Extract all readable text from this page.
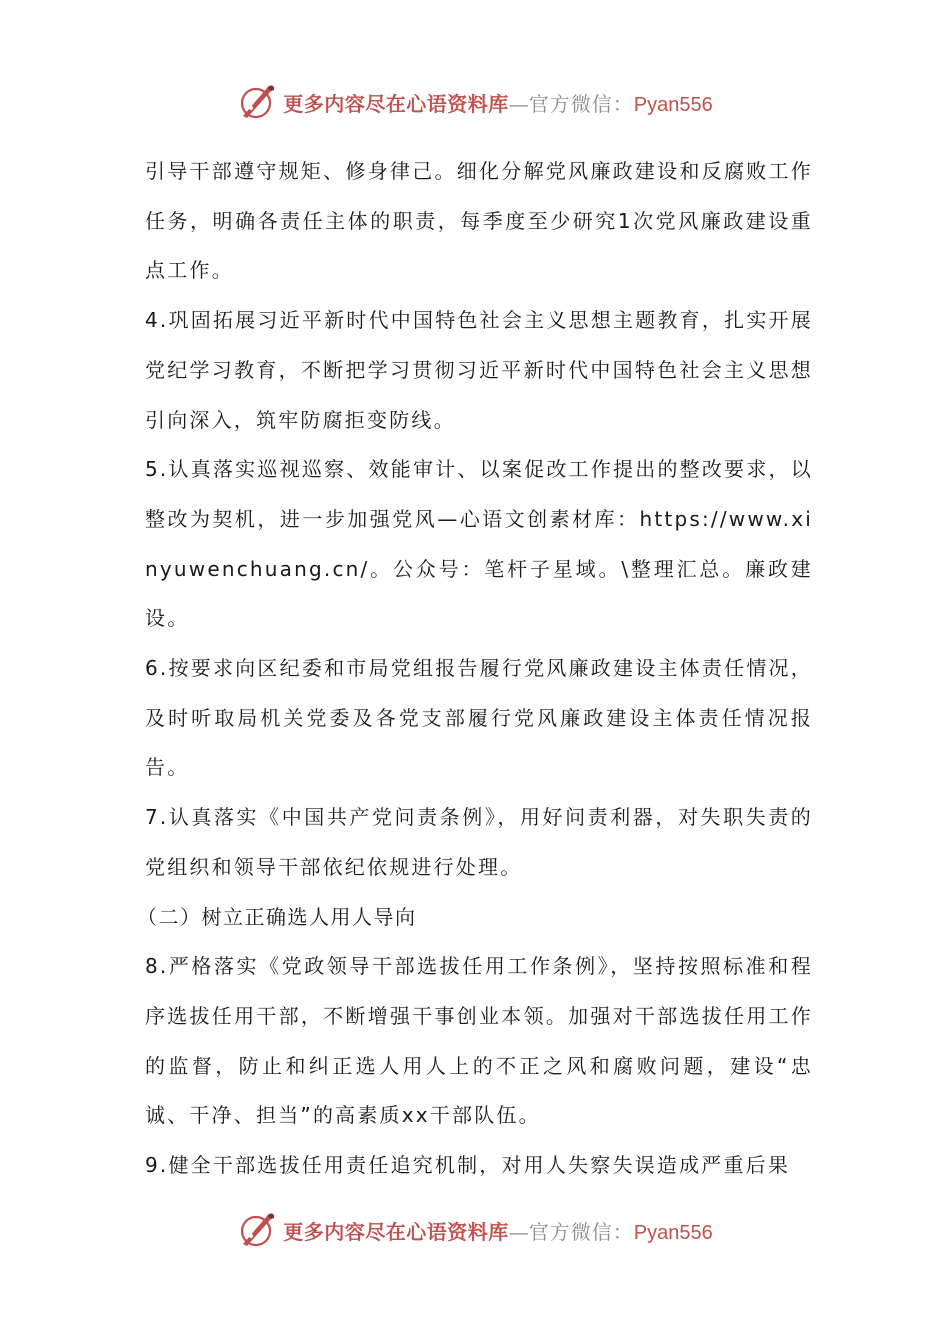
更多内容尽在心语资料库 — 官方微信： Pyan556

引导干部遵守规矩、修身律己。细化分解党风廉政建设和反腐败工作任务，明确各责任主体的职责，每季度至少研究1次党风廉政建设重点工作。

4.巩固拓展习近平新时代中国特色社会主义思想主题教育，扎实开展党纪学习教育，不断把学习贯彻习近平新时代中国特色社会主义思想引向深入，筑牢防腐拒变防线。

5.认真落实巡视巡察、效能审计、以案促改工作提出的整改要求，以整改为契机，进一步加强党风—心语文创素材库：https://www.xinyuwenchuang.cn/。公众号：笔杆子星域。\整理汇总。廉政建设。

6.按要求向区纪委和市局党组报告履行党风廉政建设主体责任情况，及时听取局机关党委及各党支部履行党风廉政建设主体责任情况报告。

7.认真落实《中国共产党问责条例》，用好问责利器，对失职失责的党组织和领导干部依纪依规进行处理。

（二）树立正确选人用人导向

8.严格落实《党政领导干部选拔任用工作条例》，坚持按照标准和程序选拔任用干部，不断增强干事创业本领。加强对干部选拔任用工作的监督，防止和纠正选人用人上的不正之风和腐败问题，建设“忠诚、干净、担当”的高素质xx干部队伍。

9.健全干部选拔任用责任追究机制，对用人失察失误造成严重后果

更多内容尽在心语资料库 — 官方微信： Pyan556
